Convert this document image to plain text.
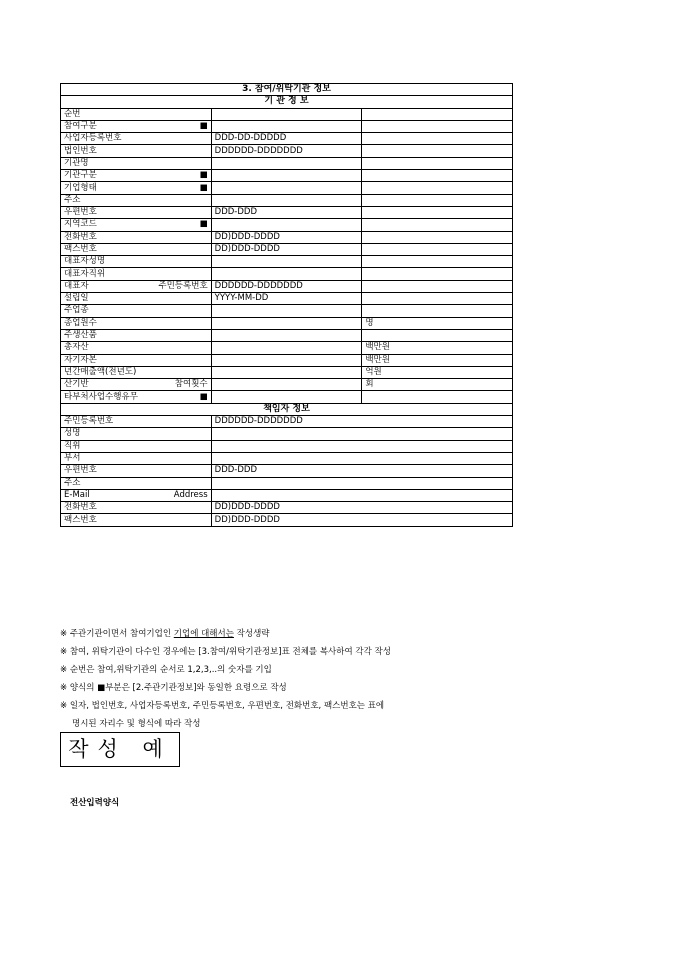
3. 참여/위탁기관 정보		
기 관 정 보		
순번		
참여구분■		
사업자등록번호	DDD-DD-DDDDD	
법인번호	DDDDDD-DDDDDDD	
기관명		
기관구분■		
기업형태■		
주소		
우편번호	DDD-DDD	
지역코드■		
전화번호	DD)DDD-DDDD	
팩스번호	DD)DDD-DDDD	
대표자성명		
대표자직위		
대표자 주민등록번호	DDDDDD-DDDDDDD	
설립일	YYYY-MM-DD	
주업종		
종업원수		명
주생산품		
총자산		백만원
자기자본		백만원
년간매출액(전년도)		억원
산기반 참여횟수		회
타부처사업수행유무■		
책임자 정보		
주민등록번호	DDDDDD-DDDDDDD	
성명		
직위		
부서		
우편번호	DDD-DDD	
주소		
E-Mail Address		
전화번호	DD)DDD-DDDD	
팩스번호	DD)DDD-DDDD	
※ 주관기관이면서 참여기업인 기업에 대해서는 작성생략
※ 참여, 위탁기관이 다수인 경우에는 [3.참여/위탁기관정보]표 전체를 복사하여 각각 작성
※ 순번은 참여,위탁기관의 순서로 1,2,3,..의 숫자를 기입
※ 양식의 ■부분은 [2.주관기관정보]와 동일한 요령으로 작성
※ 일자, 법인번호, 사업자등록번호, 주민등록번호, 우편번호, 전화번호, 팩스번호는 표에
명시된 자리수 및 형식에 따라 작성
작성 예
전산입력양식
